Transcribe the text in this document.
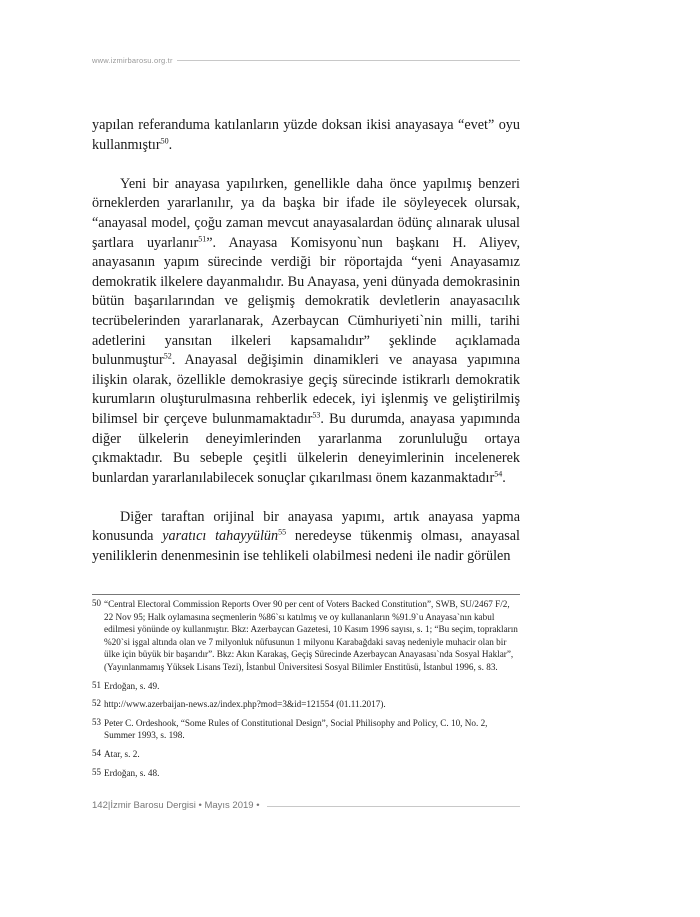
www.izmirbarosu.org.tr

yapılan referanduma katılanların yüzde doksan ikisi anayasaya “evet” oyu kullanmıştır$^{50}$.

Yeni bir anayasa yapılırken, genellikle daha önce yapılmış benzeri örneklerden yararlanılır, ya da başka bir ifade ile söyleyecek olursak, “anayasal model, çoğu zaman mevcut anayasalardan ödünç alınarak ulusal şartlara uyarlanır$^{51}$”. Anayasa Komisyonu`nun başkanı H. Aliyev, anayasanın yapım sürecinde verdiği bir röportajda “yeni Anayasamız demokratik ilkelere dayanmalıdır. Bu Anayasa, yeni dünyada demokrasinin bütün başarılarından ve gelişmiş demokratik devletlerin anayasacılık tecrübelerinden yararlanarak, Azerbaycan Cümhuriyeti`nin milli, tarihi adetlerini yansıtan ilkeleri kapsamalıdır” şeklinde açıklamada bulunmuştur$^{52}$. Anayasal değişimin dinamikleri ve anayasa yapımına ilişkin olarak, özellikle demokrasiye geçiş sürecinde istikrarlı demokratik kurumların oluşturulmasına rehberlik edecek, iyi işlenmiş ve geliştirilmiş bilimsel bir çerçeve bulunmamaktadır$^{53}$. Bu durumda, anayasa yapımında diğer ülkelerin deneyimlerinden yararlanma zorunluluğu ortaya çıkmaktadır. Bu sebeple çeşitli ülkelerin deneyimlerinin incelenerek bunlardan yararlanılabilecek sonuçlar çıkarılması önem kazanmaktadır$^{54}$.

Diğer taraftan orijinal bir anayasa yapımı, artık anayasa yapma konusunda yaratıcı tahayyülün$^{55}$ neredeyse tükenmiş olması, anayasal yeniliklerin denenmesinin ise tehlikeli olabilmesi nedeni ile nadir görülen

50 “Central Electoral Commission Reports Over 90 per cent of Voters Backed Constitution”, SWB, SU/2467 F/2, 22 Nov 95; Halk oylamasına seçmenlerin %86`sı katılmış ve oy kullananların %91.9`u Anayasa`nın kabul edilmesi yönünde oy kullanmıştır. Bkz: Azerbaycan Gazetesi, 10 Kasım 1996 sayısı, s. 1; “Bu seçim, toprakların %20`si işgal altında olan ve 7 milyonluk nüfusunun 1 milyonu Karabağdaki savaş nedeniyle muhacir olan bir ülke için büyük bir başarıdır”. Bkz: Akın Karakaş, Geçiş Sürecinde Azerbaycan Anayasası`nda Sosyal Haklar”, (Yayınlanmamış Yüksek Lisans Tezi), İstanbul Üniversitesi Sosyal Bilimler Enstitüsü, İstanbul 1996, s. 83.
51 Erdoğan, s. 49.
52 http://www.azerbaijan-news.az/index.php?mod=3&id=121554 (01.11.2017).
53 Peter C. Ordeshook, “Some Rules of Constitutional Design”, Social Philisophy and Policy, C. 10, No. 2, Summer 1993, s. 198.
54 Atar, s. 2.
55 Erdoğan, s. 48.
142|İzmir Barosu Dergisi • Mayıs 2019 •
